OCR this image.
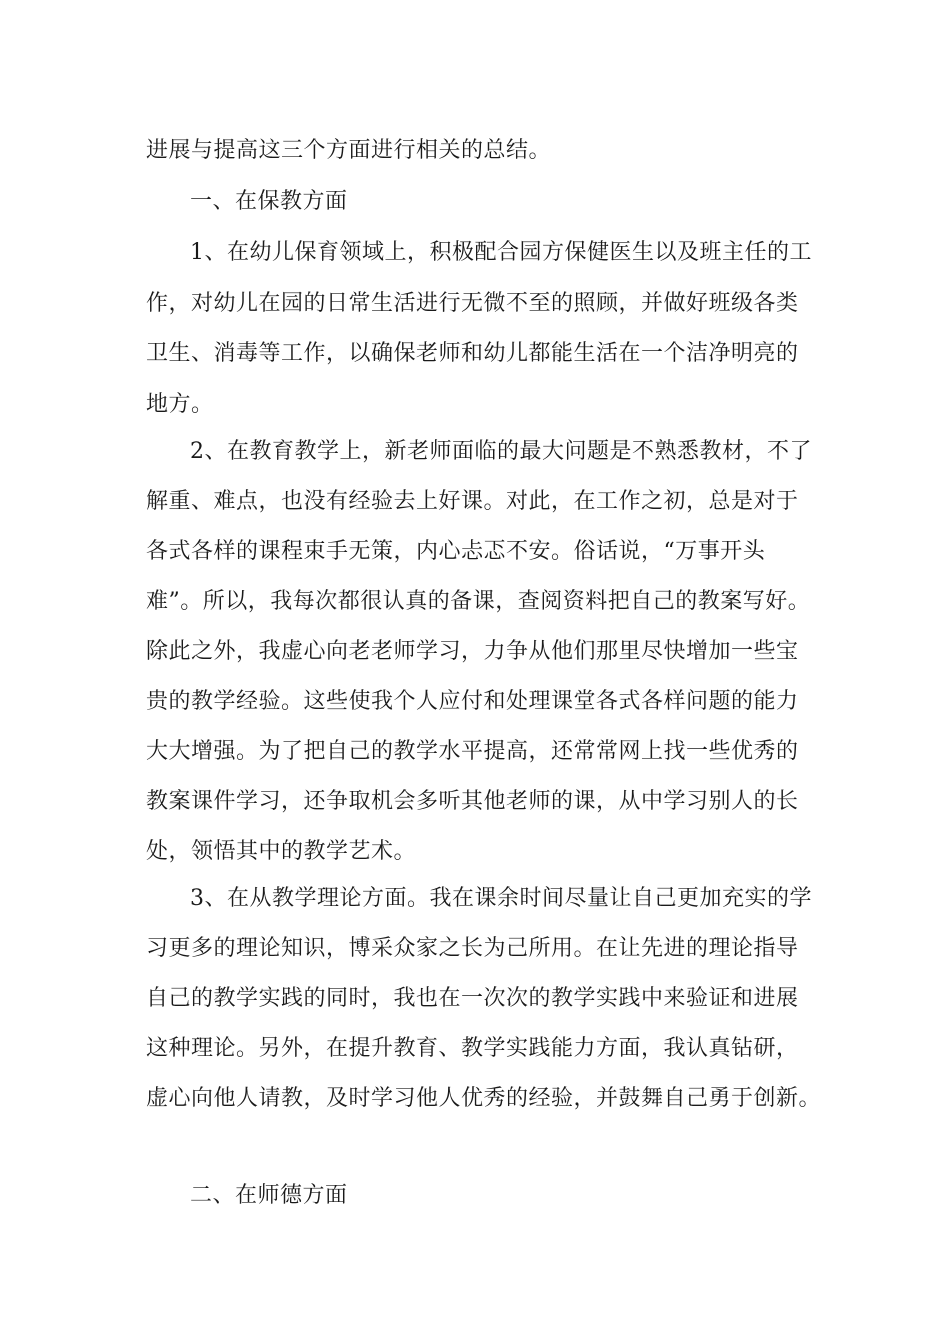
进展与提高这三个方面进行相关的总结。
一、在保教方面
1、在幼儿保育领域上，积极配合园方保健医生以及班主任的工
作，对幼儿在园的日常生活进行无微不至的照顾，并做好班级各类
卫生、消毒等工作，以确保老师和幼儿都能生活在一个洁净明亮的
地方。
2、在教育教学上，新老师面临的最大问题是不熟悉教材，不了
解重、难点，也没有经验去上好课。对此，在工作之初，总是对于
各式各样的课程束手无策，内心忐忑不安。俗话说，“万事开头
难”。所以，我每次都很认真的备课，查阅资料把自己的教案写好。
除此之外，我虚心向老老师学习，力争从他们那里尽快增加一些宝
贵的教学经验。这些使我个人应付和处理课堂各式各样问题的能力
大大增强。为了把自己的教学水平提高，还常常网上找一些优秀的
教案课件学习，还争取机会多听其他老师的课，从中学习别人的长
处，领悟其中的教学艺术。
3、在从教学理论方面。我在课余时间尽量让自己更加充实的学
习更多的理论知识，博采众家之长为己所用。在让先进的理论指导
自己的教学实践的同时，我也在一次次的教学实践中来验证和进展
这种理论。另外，在提升教育、教学实践能力方面，我认真钻研，
虚心向他人请教，及时学习他人优秀的经验，并鼓舞自己勇于创新。
二、在师德方面
